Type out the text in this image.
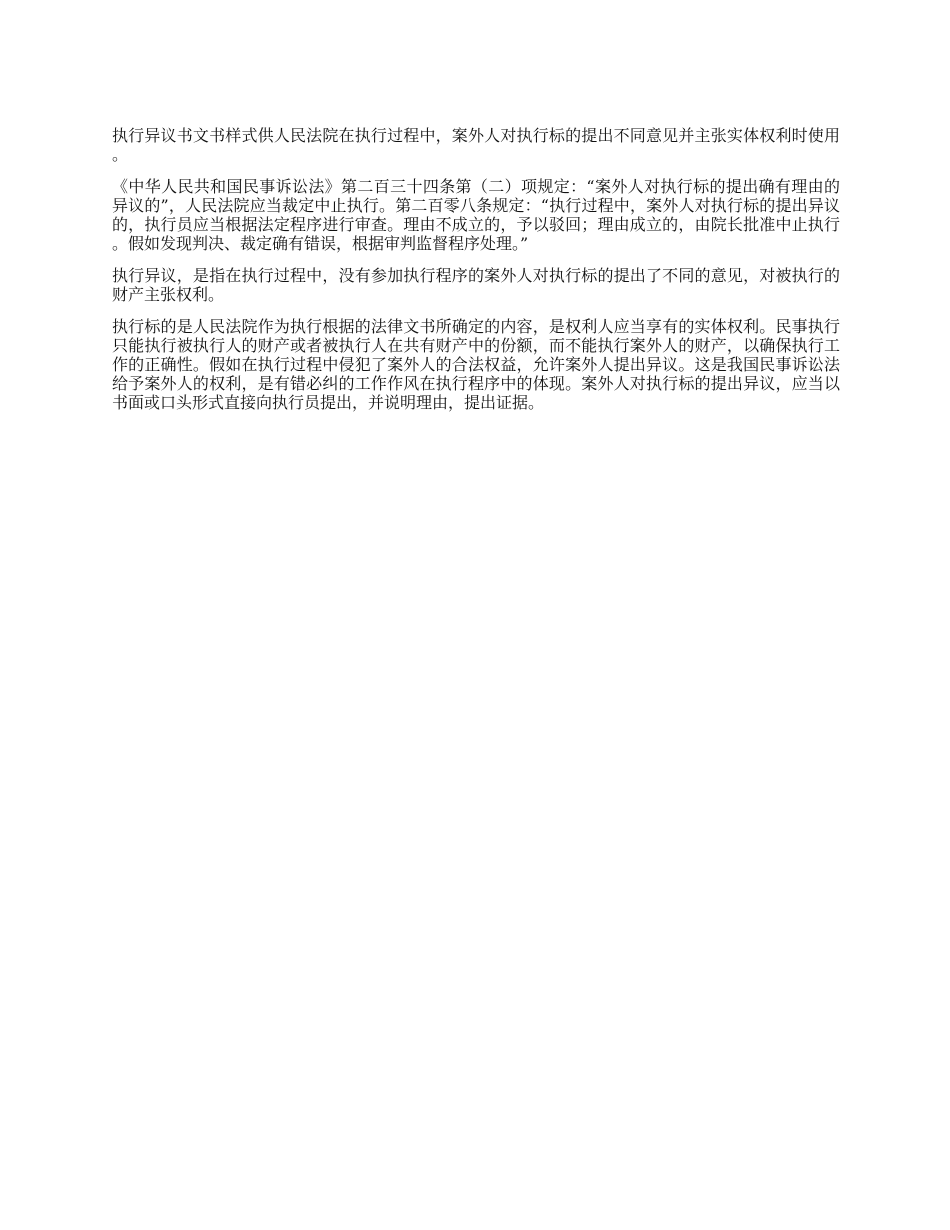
执行异议书文书样式供人民法院在执行过程中，案外人对执行标的提出不同意见并主张实体权利时使用。

《中华人民共和国民事诉讼法》第二百三十四条第（二）项规定：“案外人对执行标的提出确有理由的异议的”，人民法院应当裁定中止执行。第二百零八条规定：“执行过程中，案外人对执行标的提出异议的，执行员应当根据法定程序进行审查。理由不成立的，予以驳回；理由成立的，由院长批准中止执行。假如发现判决、裁定确有错误，根据审判监督程序处理。”

执行异议，是指在执行过程中，没有参加执行程序的案外人对执行标的提出了不同的意见，对被执行的财产主张权利。

执行标的是人民法院作为执行根据的法律文书所确定的内容，是权利人应当享有的实体权利。民事执行只能执行被执行人的财产或者被执行人在共有财产中的份额，而不能执行案外人的财产，以确保执行工作的正确性。假如在执行过程中侵犯了案外人的合法权益，允许案外人提出异议。这是我国民事诉讼法给予案外人的权利，是有错必纠的工作作风在执行程序中的体现。案外人对执行标的提出异议，应当以书面或口头形式直接向执行员提出，并说明理由，提出证据。
